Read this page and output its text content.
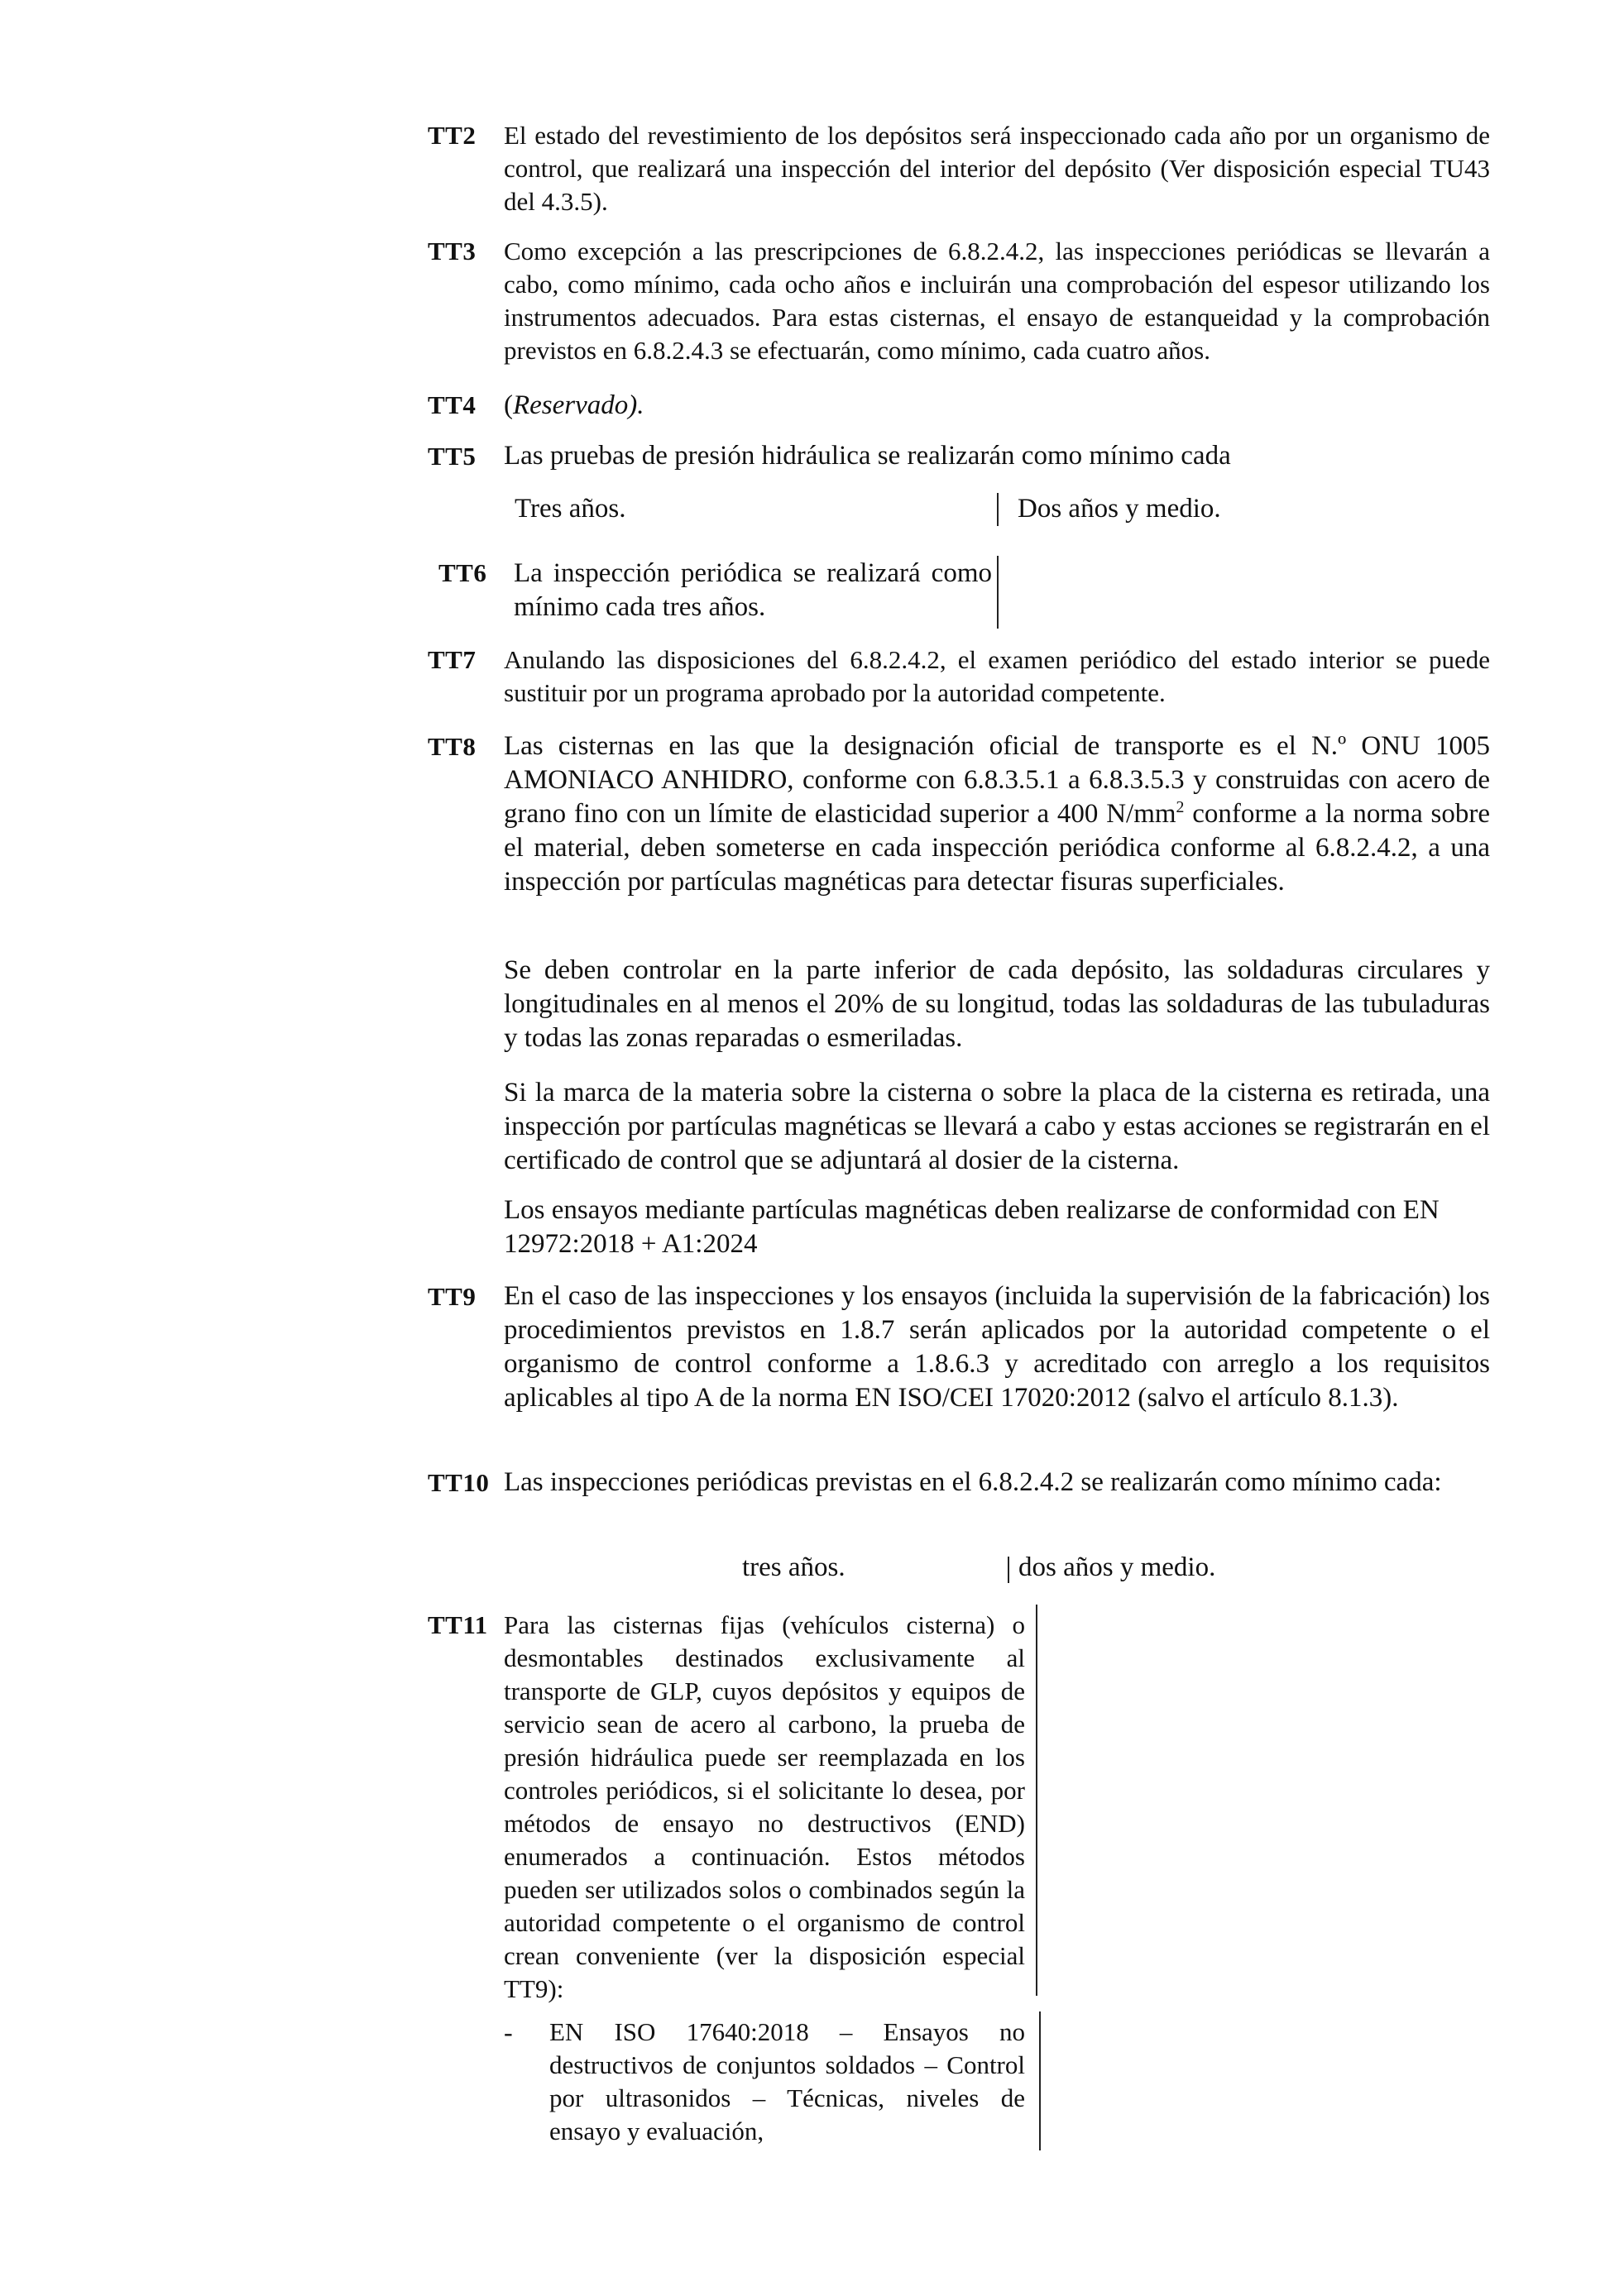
TT2 El estado del revestimiento de los depósitos será inspeccionado cada año por un organismo de control, que realizará una inspección del interior del depósito (Ver disposición especial TU43 del 4.3.5).
TT3 Como excepción a las prescripciones de 6.8.2.4.2, las inspecciones periódicas se llevarán a cabo, como mínimo, cada ocho años e incluirán una comprobación del espesor utilizando los instrumentos adecuados. Para estas cisternas, el ensayo de estanqueidad y la comprobación previstos en 6.8.2.4.3 se efectuarán, como mínimo, cada cuatro años.
TT4 (Reservado).
TT5 Las pruebas de presión hidráulica se realizarán como mínimo cada
Tres años.	Dos años y medio.
TT6 La inspección periódica se realizará como mínimo cada tres años.
TT7 Anulando las disposiciones del 6.8.2.4.2, el examen periódico del estado interior se puede sustituir por un programa aprobado por la autoridad competente.
TT8 Las cisternas en las que la designación oficial de transporte es el N.º ONU 1005 AMONIACO ANHIDRO, conforme con 6.8.3.5.1 a 6.8.3.5.3 y construidas con acero de grano fino con un límite de elasticidad superior a 400 $N/mm^2$ conforme a la norma sobre el material, deben someterse en cada inspección periódica conforme al 6.8.2.4.2, a una inspección por partículas magnéticas para detectar fisuras superficiales.
Se deben controlar en la parte inferior de cada depósito, las soldaduras circulares y longitudinales en al menos el 20% de su longitud, todas las soldaduras de las tubuladuras y todas las zonas reparadas o esmeriladas.
Si la marca de la materia sobre la cisterna o sobre la placa de la cisterna es retirada, una inspección por partículas magnéticas se llevará a cabo y estas acciones se registrarán en el certificado de control que se adjuntará al dosier de la cisterna.
Los ensayos mediante partículas magnéticas deben realizarse de conformidad con EN 12972:2018 + A1:2024
TT9 En el caso de las inspecciones y los ensayos (incluida la supervisión de la fabricación) los procedimientos previstos en 1.8.7 serán aplicados por la autoridad competente o el organismo de control conforme a 1.8.6.3 y acreditado con arreglo a los requisitos aplicables al tipo A de la norma EN ISO/CEI 17020:2012 (salvo el artículo 8.1.3).
TT10 Las inspecciones periódicas previstas en el 6.8.2.4.2 se realizarán como mínimo cada:
tres años.	dos años y medio.
TT11 Para las cisternas fijas (vehículos cisterna) o desmontables destinados exclusivamente al transporte de GLP, cuyos depósitos y equipos de servicio sean de acero al carbono, la prueba de presión hidráulica puede ser reemplazada en los controles periódicos, si el solicitante lo desea, por métodos de ensayo no destructivos (END) enumerados a continuación. Estos métodos pueden ser utilizados solos o combinados según la autoridad competente o el organismo de control crean conveniente (ver la disposición especial TT9):
- EN ISO 17640:2018 – Ensayos no destructivos de conjuntos soldados – Control por ultrasonidos – Técnicas, niveles de ensayo y evaluación,
